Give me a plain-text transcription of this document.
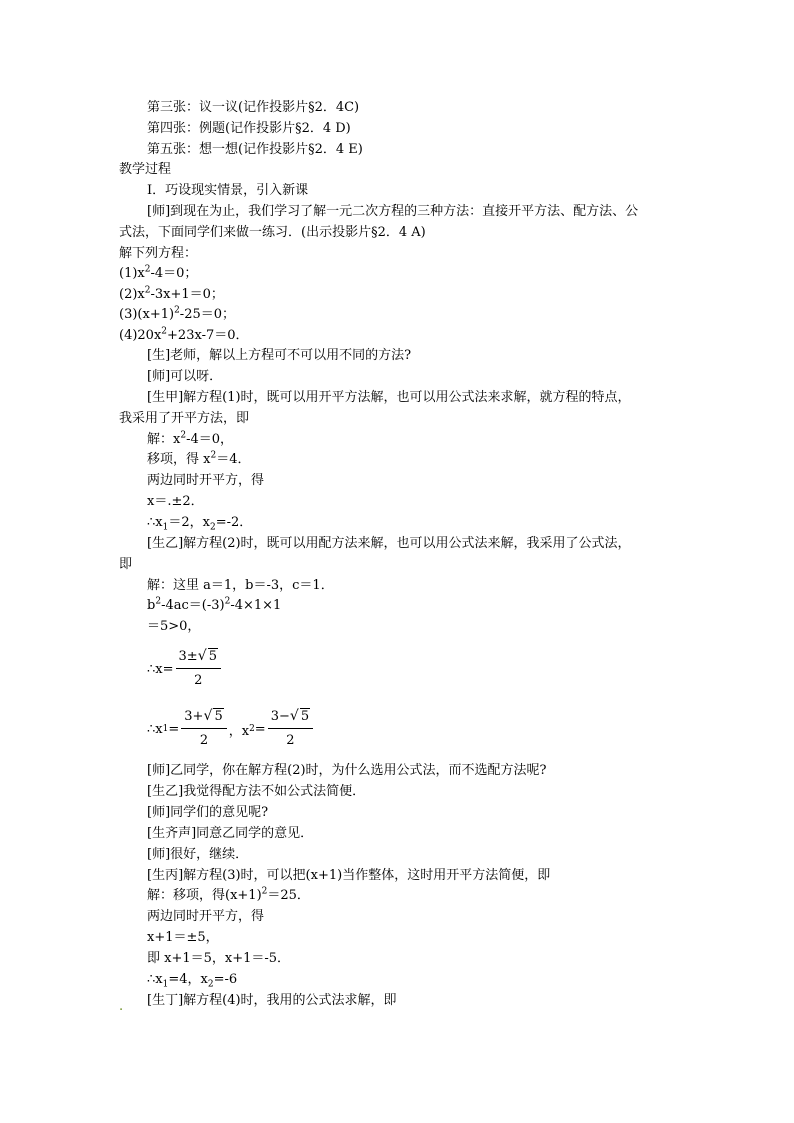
第三张：议一议(记作投影片§2．4C)
第四张：例题(记作投影片§2．4 D)
第五张：想一想(记作投影片§2．4 E)
教学过程
Ⅰ．巧设现实情景，引入新课
[师]到现在为止，我们学习了解一元二次方程的三种方法：直接开平方法、配方法、公
式法，下面同学们来做一练习．(出示投影片§2．4 A)
解下列方程：
$(1)x^2-4=0$；
$(2)x^2-3x+1=0$；
$(3)(x+1)^2-25=0$；
$(4)20x^2+23x-7=0$．
[生]老师，解以上方程可不可以用不同的方法?
[师]可以呀．
[生甲]解方程(1)时，既可以用开平方法解，也可以用公式法来求解，就方程的特点，
我采用了开平方法，即
解：$x^2-4=0$，
移项，得 $x^2=4$．
两边同时开平方，得
x＝.±2．
$\therefore x_1=2$，$x_2=-2$．
[生乙]解方程(2)时，既可以用配方法来解，也可以用公式法来解，我采用了公式法，
即
解：这里 a＝1，b＝-3，c＝1．
$b^2-4ac=(-3)^2-4\times 1\times 1$
＝5>0，
∴x= $\frac{3\pm √ 5}{2}$
∴x $1 = \frac{3+ √ 5}{2}$ ，x $2 = \frac{3- √ 5}{2}$
[师]乙同学，你在解方程(2)时，为什么选用公式法，而不选配方法呢?
[生乙]我觉得配方法不如公式法简便．
[师]同学们的意见呢?
[生齐声]同意乙同学的意见．
[师]很好，继续．
[生丙]解方程(3)时，可以把(x+1)当作整体，这时用开平方法简便，即
解：移项，得$(x+1)^2=25$．
两边同时开平方，得
x+1＝±5，
即 x+1＝5，x+1＝-5．
$\therefore x_1=4$，$x_2=-6$
. [生丁]解方程(4)时，我用的公式法求解，即
